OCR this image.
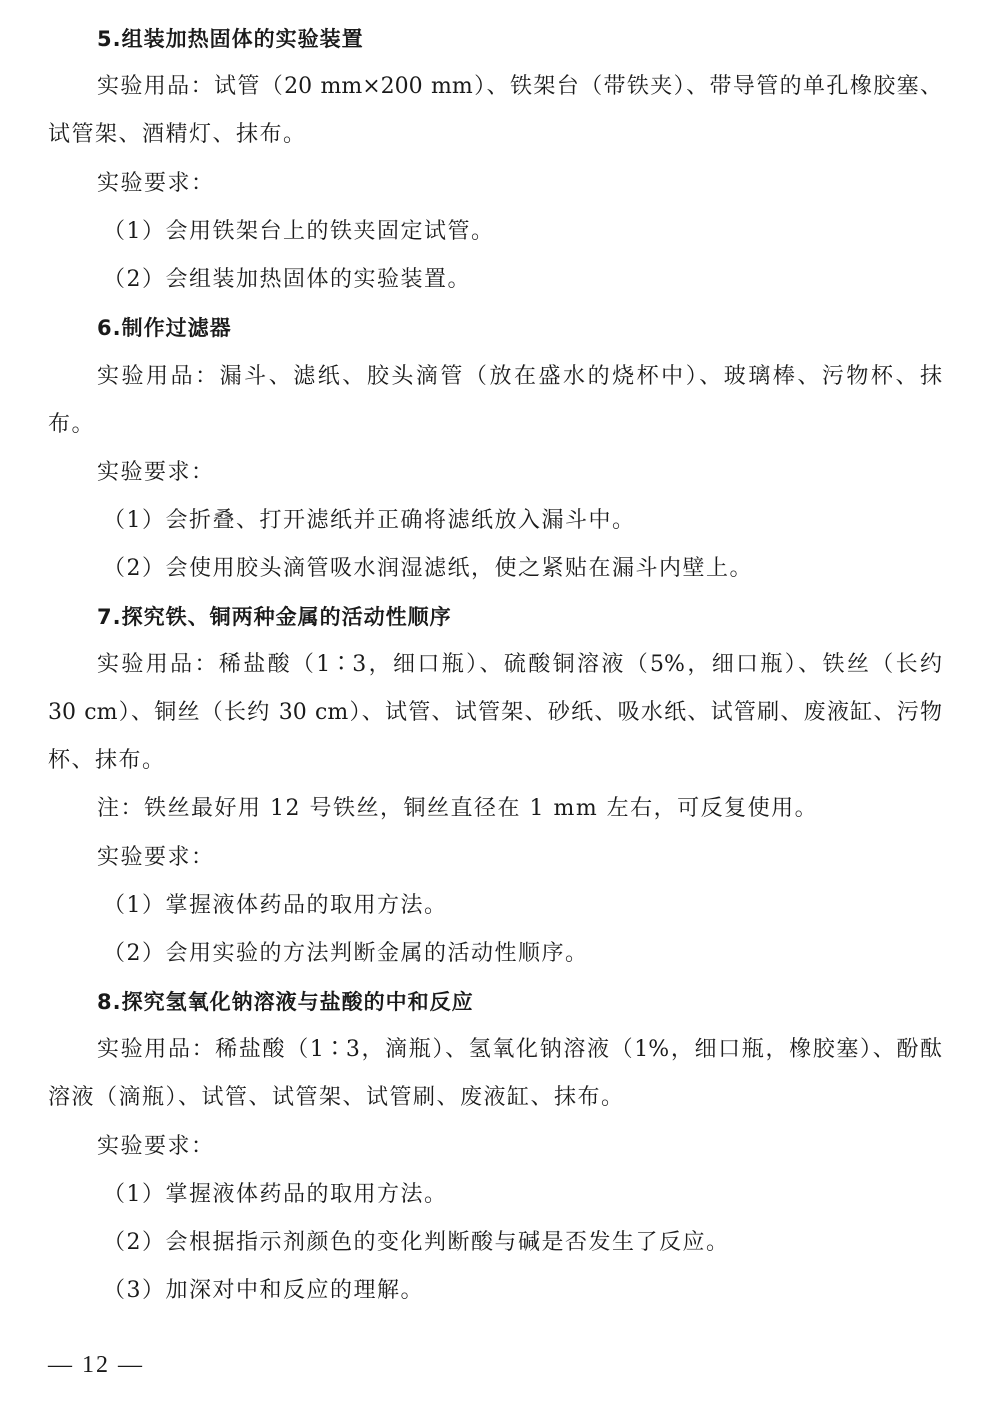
5.组装加热固体的实验装置
实验用品：试管（20 mm×200 mm）、铁架台（带铁夹）、带导管的单孔橡胶塞、
试管架、酒精灯、抹布。
实验要求：
（1）会用铁架台上的铁夹固定试管。
（2）会组装加热固体的实验装置。
6.制作过滤器
实验用品：漏斗、滤纸、胶头滴管（放在盛水的烧杯中）、玻璃棒、污物杯、抹
布。
实验要求：
（1）会折叠、打开滤纸并正确将滤纸放入漏斗中。
（2）会使用胶头滴管吸水润湿滤纸，使之紧贴在漏斗内壁上。
7.探究铁、铜两种金属的活动性顺序
实验用品：稀盐酸（1∶3，细口瓶）、硫酸铜溶液（5%，细口瓶）、铁丝（长约
30 cm）、铜丝（长约 30 cm）、试管、试管架、砂纸、吸水纸、试管刷、废液缸、污物
杯、抹布。
注：铁丝最好用 12 号铁丝，铜丝直径在 1 mm 左右，可反复使用。
实验要求：
（1）掌握液体药品的取用方法。
（2）会用实验的方法判断金属的活动性顺序。
8.探究氢氧化钠溶液与盐酸的中和反应
实验用品：稀盐酸（1∶3，滴瓶）、氢氧化钠溶液（1%，细口瓶，橡胶塞）、酚酞
溶液（滴瓶）、试管、试管架、试管刷、废液缸、抹布。
实验要求：
（1）掌握液体药品的取用方法。
（2）会根据指示剂颜色的变化判断酸与碱是否发生了反应。
（3）加深对中和反应的理解。
— 12 —
